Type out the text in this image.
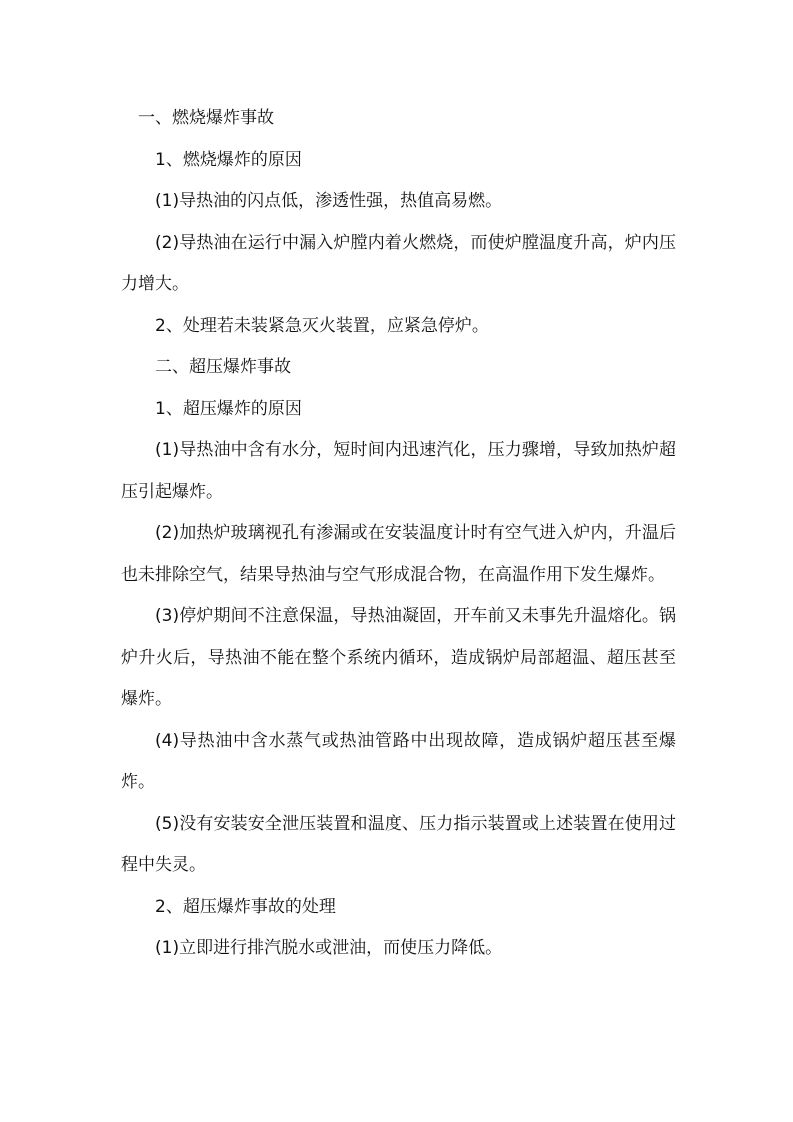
一、燃烧爆炸事故

1、燃烧爆炸的原因

(1)导热油的闪点低，渗透性强，热值高易燃。

(2)导热油在运行中漏入炉膛内着火燃烧，而使炉膛温度升高，炉内压力增大。

2、处理若未装紧急灭火装置，应紧急停炉。

二、超压爆炸事故

1、超压爆炸的原因

(1)导热油中含有水分，短时间内迅速汽化，压力骤增，导致加热炉超压引起爆炸。

(2)加热炉玻璃视孔有渗漏或在安装温度计时有空气进入炉内，升温后也未排除空气，结果导热油与空气形成混合物，在高温作用下发生爆炸。

(3)停炉期间不注意保温，导热油凝固，开车前又未事先升温熔化。锅炉升火后，导热油不能在整个系统内循环，造成锅炉局部超温、超压甚至爆炸。

(4)导热油中含水蒸气或热油管路中出现故障，造成锅炉超压甚至爆炸。

(5)没有安装安全泄压装置和温度、压力指示装置或上述装置在使用过程中失灵。

2、超压爆炸事故的处理

(1)立即进行排汽脱水或泄油，而使压力降低。
